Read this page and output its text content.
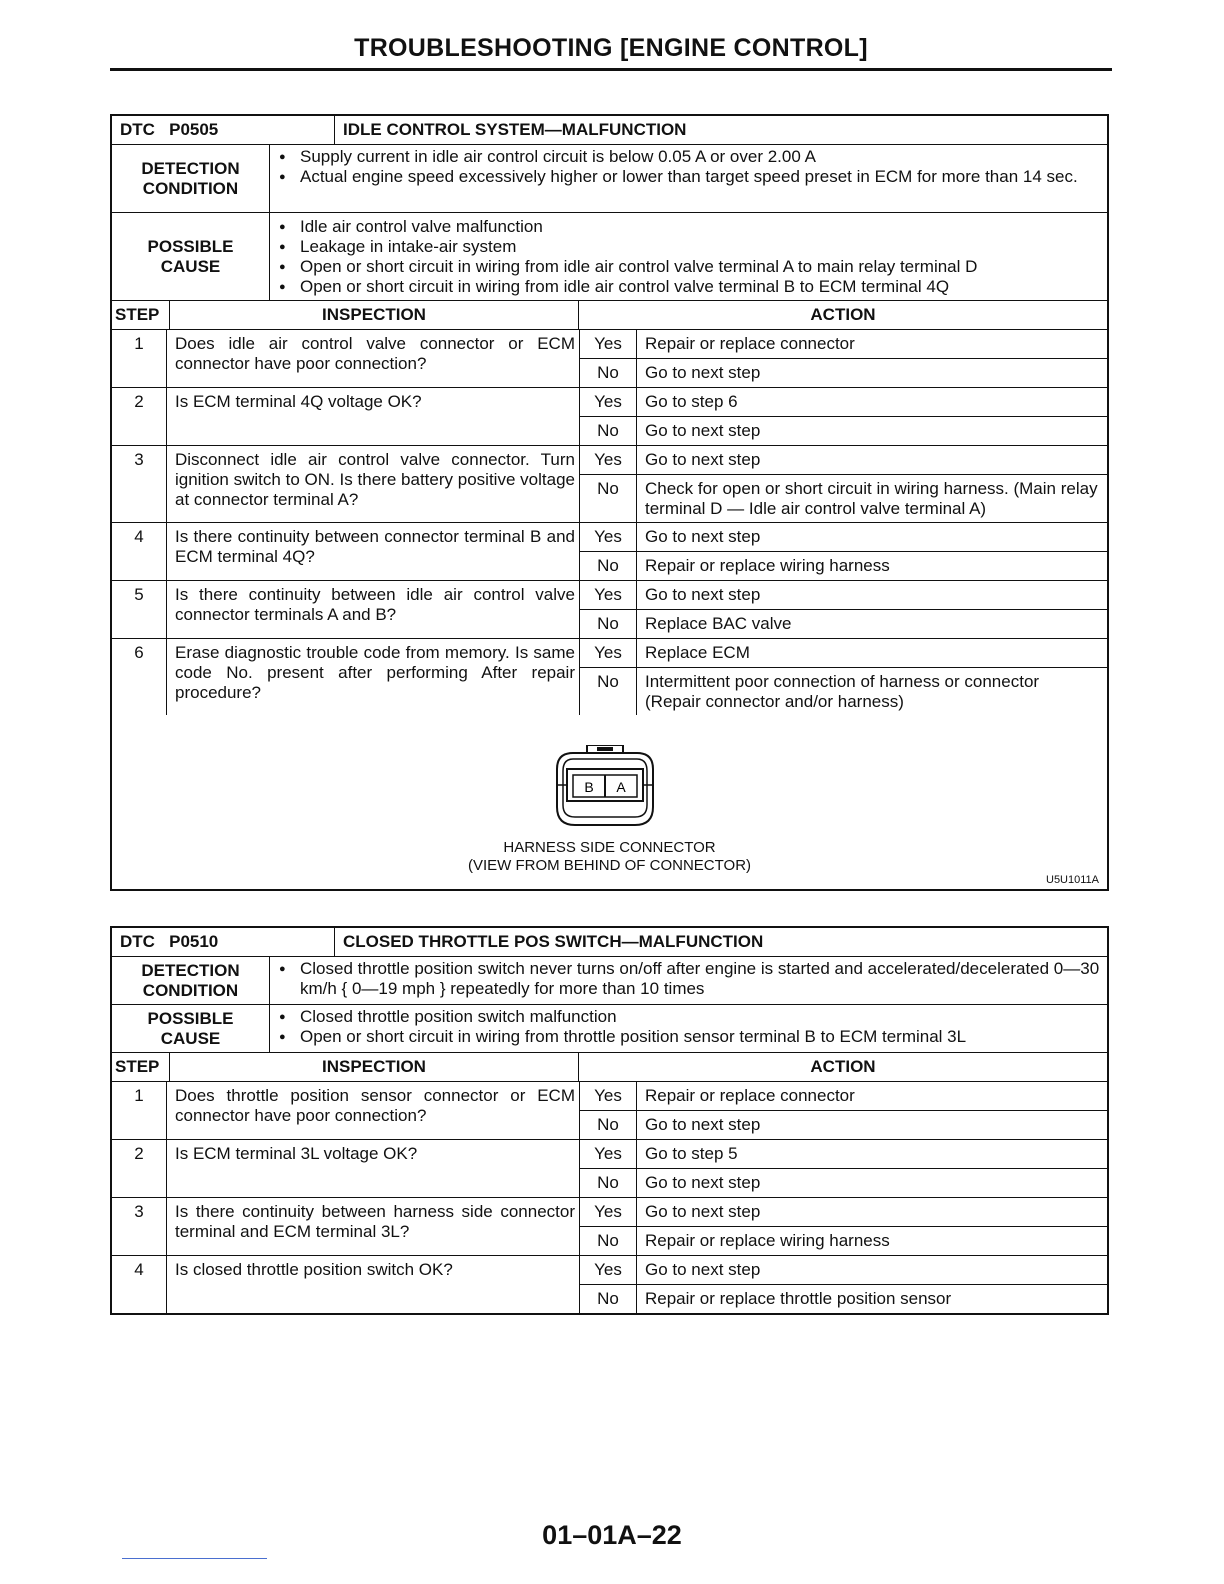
TROUBLESHOOTING [ENGINE CONTROL]
DTC   P0505	IDLE CONTROL SYSTEM—MALFUNCTION
DETECTION
CONDITION
● Supply current in idle air control circuit is below 0.05 A or over 2.00 A
● Actual engine speed excessively higher or lower than target speed preset in ECM for more than 14 sec.
POSSIBLE
CAUSE
● Idle air control valve malfunction
● Leakage in intake-air system
● Open or short circuit in wiring from idle air control valve terminal A to main relay terminal D
● Open or short circuit in wiring from idle air control valve terminal B to ECM terminal 4Q
STEP	INSPECTION	ACTION
1	Does idle air control valve connector or ECM connector have poor connection?
Yes	Repair or replace connector
No	Go to next step
2	Is ECM terminal 4Q voltage OK?	Yes	Go to step 6
No	Go to next step
3	Disconnect idle air control valve connector. Turn ignition switch to ON. Is there battery positive voltage at connector terminal A?
Yes	Go to next step
No	Check for open or short circuit in wiring harness. (Main relay terminal D — Idle air control valve terminal A)
4	Is there continuity between connector terminal B and ECM terminal 4Q?
Yes	Go to next step
No	Repair or replace wiring harness
5	Is there continuity between idle air control valve connector terminals A and B?
Yes	Go to next step
No	Replace BAC valve
6	Erase diagnostic trouble code from memory. Is same code No. present after performing After repair procedure?
Yes	Replace ECM
No	Intermittent poor connection of harness or connector (Repair connector and/or harness)
B A
HARNESS SIDE CONNECTOR
(VIEW FROM BEHIND OF CONNECTOR)
U5U1011A
DTC   P0510	CLOSED THROTTLE POS SWITCH—MALFUNCTION
DETECTION
CONDITION
● Closed throttle position switch never turns on/off after engine is started and accelerated/decelerated 0—30 km/h { 0—19 mph } repeatedly for more than 10 times
POSSIBLE
CAUSE
● Closed throttle position switch malfunction
● Open or short circuit in wiring from throttle position sensor terminal B to ECM terminal 3L
STEP	INSPECTION	ACTION
1	Does throttle position sensor connector or ECM connector have poor connection?
Yes	Repair or replace connector
No	Go to next step
2	Is ECM terminal 3L voltage OK?	Yes	Go to step 5
No	Go to next step
3	Is there continuity between harness side connector terminal and ECM terminal 3L?
Yes	Go to next step
No	Repair or replace wiring harness
4	Is closed throttle position switch OK?	Yes	Go to next step
No	Repair or replace throttle position sensor
01–01A–22
